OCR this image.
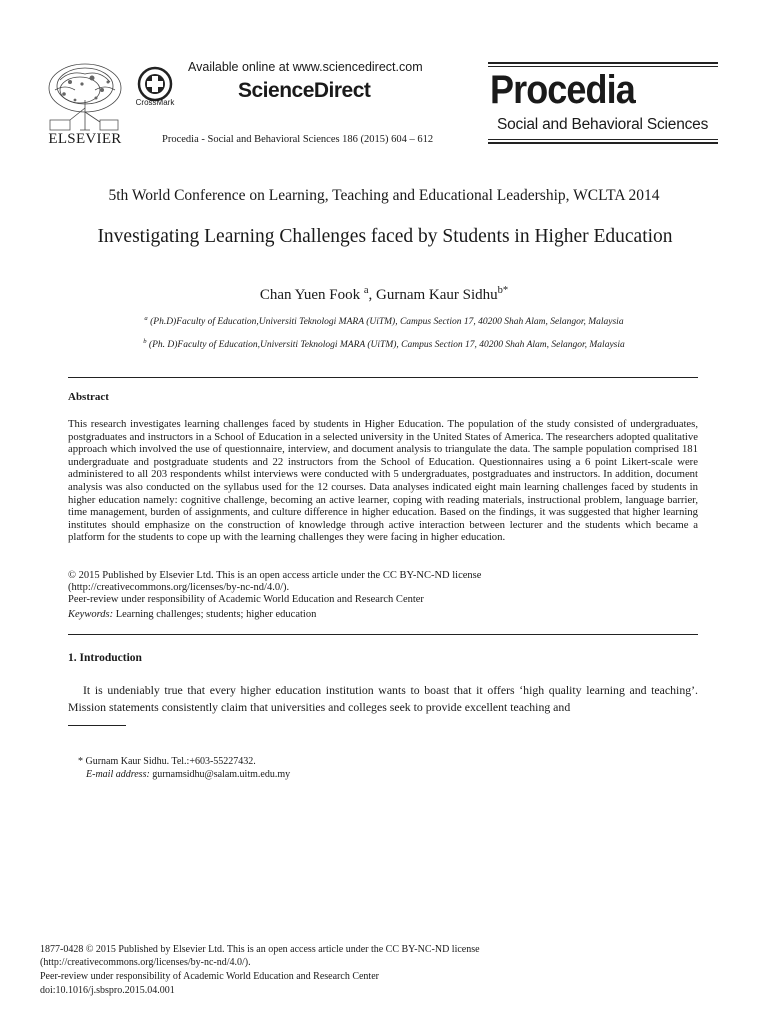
ELSEVIER
CrossMark
Available online at www.sciencedirect.com
ScienceDirect
Procedia - Social and Behavioral Sciences 186 (2015) 604 – 612
Procedia
Social and Behavioral Sciences
5th World Conference on Learning, Teaching and Educational Leadership, WCLTA 2014
Investigating Learning Challenges faced by Students in Higher Education
Chan Yuen Fook $^a$, Gurnam Kaur Sidhu$^{b*}$
$^a$ (Ph.D)Faculty of Education,Universiti Teknologi MARA (UiTM), Campus Section 17, 40200 Shah Alam, Selangor, Malaysia
$^b$ (Ph. D)Faculty of Education,Universiti Teknologi MARA (UiTM), Campus Section 17, 40200 Shah Alam, Selangor, Malaysia
Abstract
This research investigates learning challenges faced by students in Higher Education. The population of the study consisted of undergraduates, postgraduates and instructors in a School of Education in a selected university in the United States of America. The researchers adopted qualitative approach which involved the use of questionnaire, interview, and document analysis to triangulate the data. The sample population comprised 181 undergraduate and postgraduate students and 22 instructors from the School of Education. Questionnaires using a 6 point Likert-scale were administered to all 203 respondents whilst interviews were conducted with 5 undergraduates, postgraduates and instructors. In addition, document analysis was also conducted on the syllabus used for the 12 courses. Data analyses indicated eight main learning challenges faced by students in higher education namely: cognitive challenge, becoming an active learner, coping with reading materials, instructional problem, language barrier, time management, burden of assignments, and culture difference in higher education. Based on the findings, it was suggested that higher learning institutes should emphasize on the construction of knowledge through active interaction between lecturer and the students which became a platform for the students to cope up with the learning challenges they were facing in higher education.
© 2015 Published by Elsevier Ltd. This is an open access article under the CC BY-NC-ND license
(http://creativecommons.org/licenses/by-nc-nd/4.0/).
Peer-review under responsibility of Academic World Education and Research Center
Keywords: Learning challenges; students; higher education
1. Introduction
It is undeniably true that every higher education institution wants to boast that it offers ‘high quality learning and teaching’. Mission statements consistently claim that universities and colleges seek to provide excellent teaching and
* Gurnam Kaur Sidhu. Tel.:+603-55227432.
E-mail address: gurnamsidhu@salam.uitm.edu.my
1877-0428 © 2015 Published by Elsevier Ltd. This is an open access article under the CC BY-NC-ND license
(http://creativecommons.org/licenses/by-nc-nd/4.0/).
Peer-review under responsibility of Academic World Education and Research Center
doi:10.1016/j.sbspro.2015.04.001
